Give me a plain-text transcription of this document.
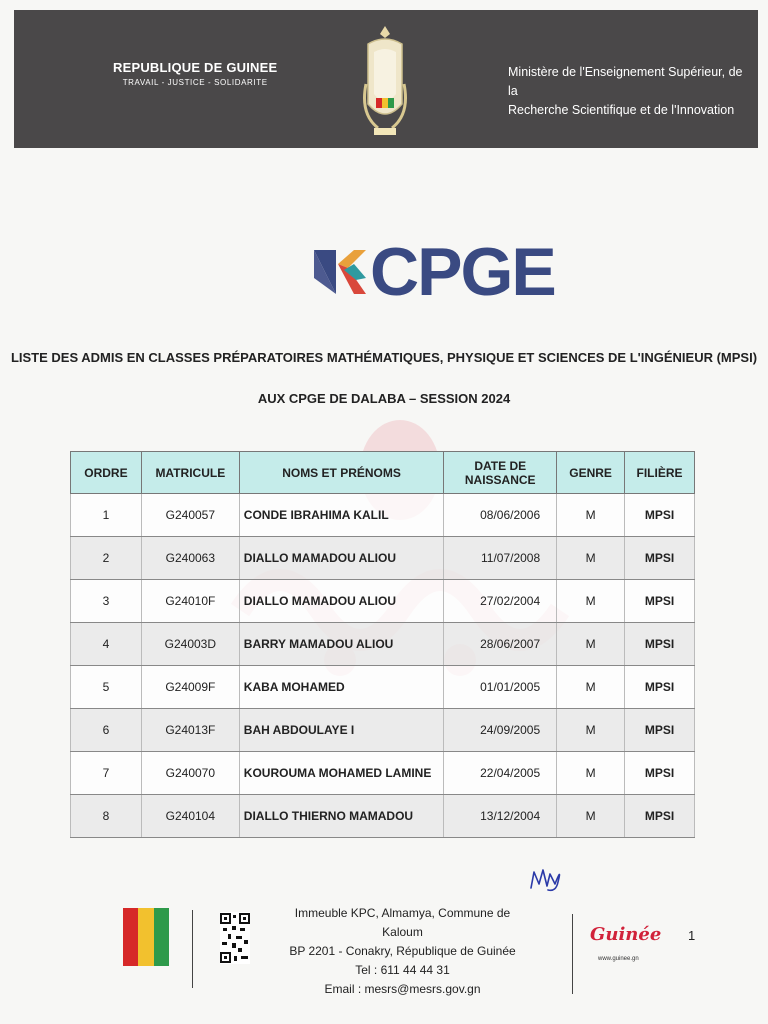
REPUBLIQUE DE GUINEE
TRAVAIL - JUSTICE - SOLIDARITE
Ministère de l'Enseignement Supérieur, de la
Recherche Scientifique et de l'Innovation
CPGE
LISTE DES ADMIS EN CLASSES PRÉPARATOIRES MATHÉMATIQUES, PHYSIQUE ET SCIENCES DE L'INGÉNIEUR (MPSI)
AUX CPGE DE DALABA – SESSION 2024
ORDRE	MATRICULE	NOMS ET PRÉNOMS	DATE DE NAISSANCE	GENRE	FILIÈRE
1	G240057	CONDE IBRAHIMA KALIL	08/06/2006	M	MPSI
2	G240063	DIALLO MAMADOU ALIOU	11/07/2008	M	MPSI
3	G24010F	DIALLO MAMADOU ALIOU	27/02/2004	M	MPSI
4	G24003D	BARRY MAMADOU ALIOU	28/06/2007	M	MPSI
5	G24009F	KABA MOHAMED	01/01/2005	M	MPSI
6	G24013F	BAH ABDOULAYE I	24/09/2005	M	MPSI
7	G240070	KOUROUMA MOHAMED LAMINE	22/04/2005	M	MPSI
8	G240104	DIALLO THIERNO MAMADOU	13/12/2004	M	MPSI
Immeuble KPC, Almamya, Commune de Kaloum
BP 2201 - Conakry, République de Guinée
Tel : 611 44 44 31
Email : mesrs@mesrs.gov.gn
Guinée
www.guinee.gn
1
